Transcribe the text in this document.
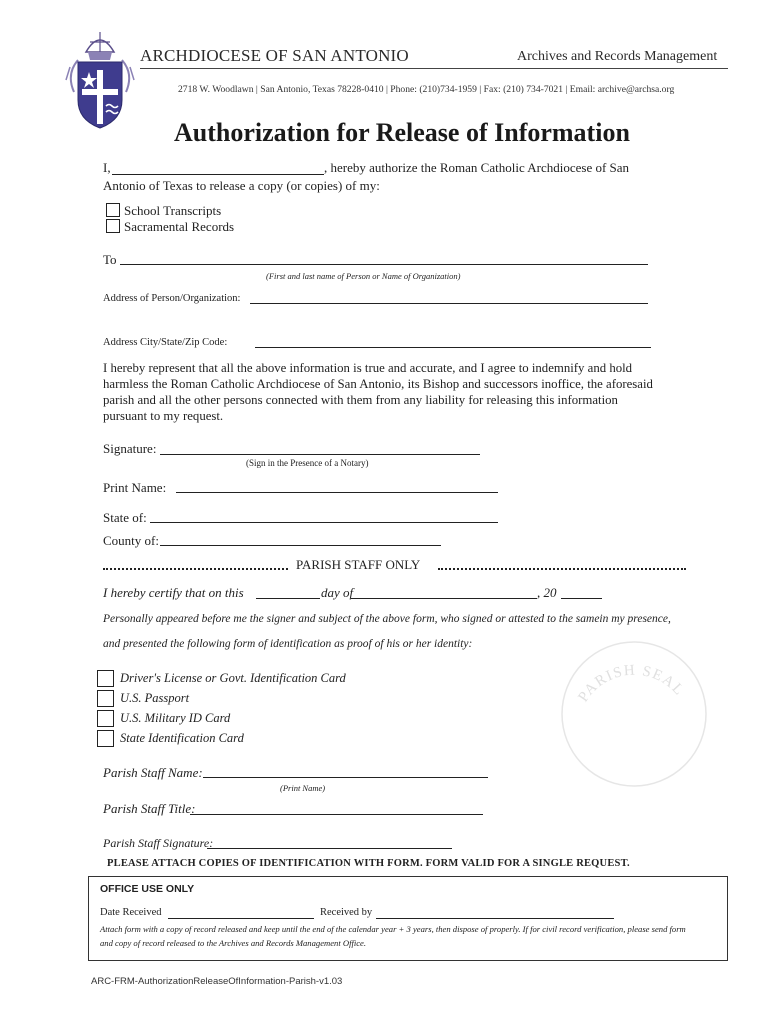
ARCHDIOCESE OF SAN ANTONIO	Archives and Records Management
2718 W. Woodlawn | San Antonio, Texas 78228-0410 | Phone: (210)734-1959 | Fax: (210) 734-7021 | Email: archive@archsa.org
Authorization for Release of Information
I,	, hereby authorize the Roman Catholic Archdiocese of San
Antonio of Texas to release a copy (or copies) of my:
School Transcripts
Sacramental Records
To
(First and last name of Person or Name of Organization)
Address of Person/Organization:
Address City/State/Zip Code:
I hereby represent that all the above information is true and accurate, and I agree to indemnify and hold
harmless the Roman Catholic Archdiocese of San Antonio, its Bishop and successors inoffice, the aforesaid
parish and all the other persons connected with them from any liability for releasing this information
pursuant to my request.
Signature:
(Sign in the Presence of a Notary)
Print Name:
State of:
County of:
PARISH STAFF ONLY
I hereby certify that on this	day of	, 20
Personally appeared before me the signer and subject of the above form, who signed or attested to the samein my presence,
and presented the following form of identification as proof of his or her identity:
PARISH SEAL
Driver's License or Govt. Identification Card
U.S. Passport
U.S. Military ID Card
State Identification Card
Parish Staff Name:
(Print Name)
Parish Staff Title:
Parish Staff Signature:
PLEASE ATTACH COPIES OF IDENTIFICATION WITH FORM. FORM VALID FOR A SINGLE REQUEST.
OFFICE USE ONLY
Date Received	Received by
Attach form with a copy of record released and keep until the end of the calendar year + 3 years, then dispose of properly. If for civil record verification, please send form
and copy of record released to the Archives and Records Management Office.
ARC-FRM-AuthorizationReleaseOfInformation-Parish-v1.03
